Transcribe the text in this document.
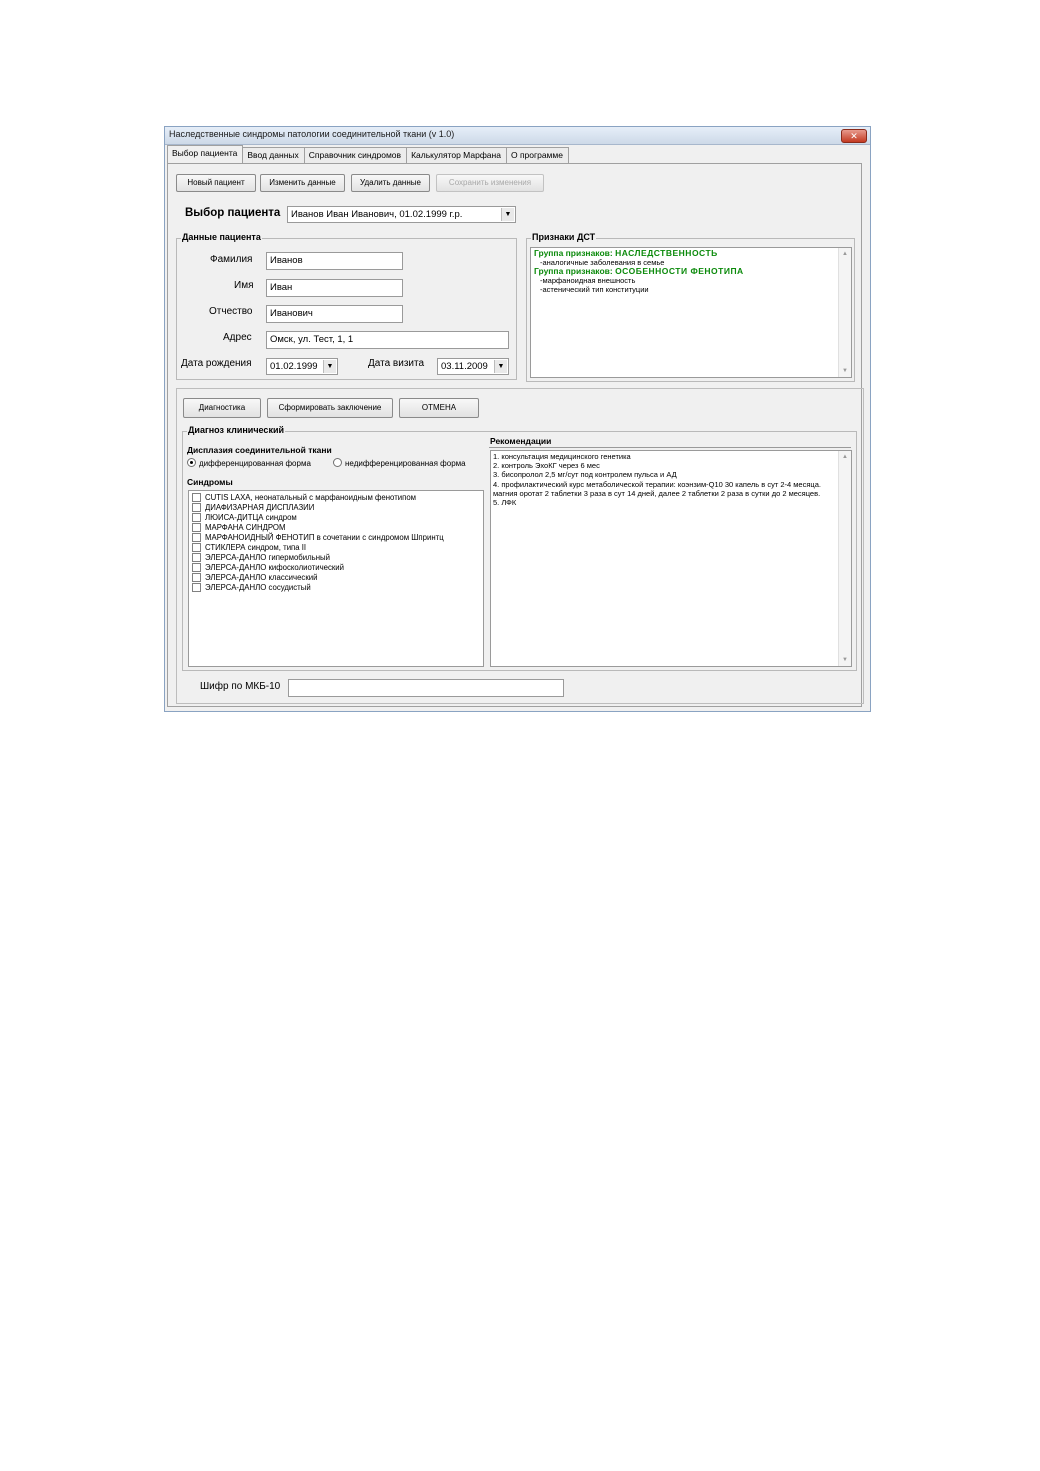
Наследственные синдромы патологии соединительной ткани (v 1.0)	✕
Выбор пациента	Ввод данных	Справочник синдромов	Калькулятор Марфана	О программе
Новый пациент	Изменить данные	Удалить данные	Сохранить изменения
Выбор пациента	Иванов Иван Иванович, 01.02.1999 г.р.	▼
Данные пациента
Фамилия	Иванов
Имя	Иван
Отчество	Иванович
Адрес	Омск, ул. Тест, 1, 1
Дата рождения	01.02.1999	▼	Дата визита	03.11.2009	▼
Признаки ДСТ
Группа признаков: НАСЛЕДСТВЕННОСТЬ
-аналогичные заболевания в семье
Группа признаков: ОСОБЕННОСТИ ФЕНОТИПА
-марфаноидная внешность
-астенический тип конституции
▲
▼
Диагностика	Сформировать заключение	ОТМЕНА
Диагноз клинический
Дисплазия соединительной ткани
дифференцированная форма	недифференцированная форма
Синдромы
CUTIS LAXA, неонатальный с марфаноидным фенотипом
ДИАФИЗАРНАЯ ДИСПЛАЗИИ
ЛЮИСА-ДИТЦА синдром
МАРФАНА СИНДРОМ
МАРФАНОИДНЫЙ ФЕНОТИП в сочетании с синдромом Шпринтц
СТИКЛЕРА синдром, типа II
ЭЛЕРСА-ДАНЛО гипермобильный
ЭЛЕРСА-ДАНЛО кифосколиотический
ЭЛЕРСА-ДАНЛО классический
ЭЛЕРСА-ДАНЛО сосудистый
Рекомендации
1. консультация медицинского генетика
2. контроль ЭхоКГ через 6 мес
3. бисопролол 2,5 мг/сут под контролем пульса и АД
4. профилактический курс метаболической терапии: коэнзим-Q10 30 капель в сут 2-4 месяца. магния оротат 2 таблетки 3 раза в сут 14 дней, далее 2 таблетки 2 раза в сутки до 2 месяцев.
5. ЛФК
▲
▼
Шифр по МКБ-10
